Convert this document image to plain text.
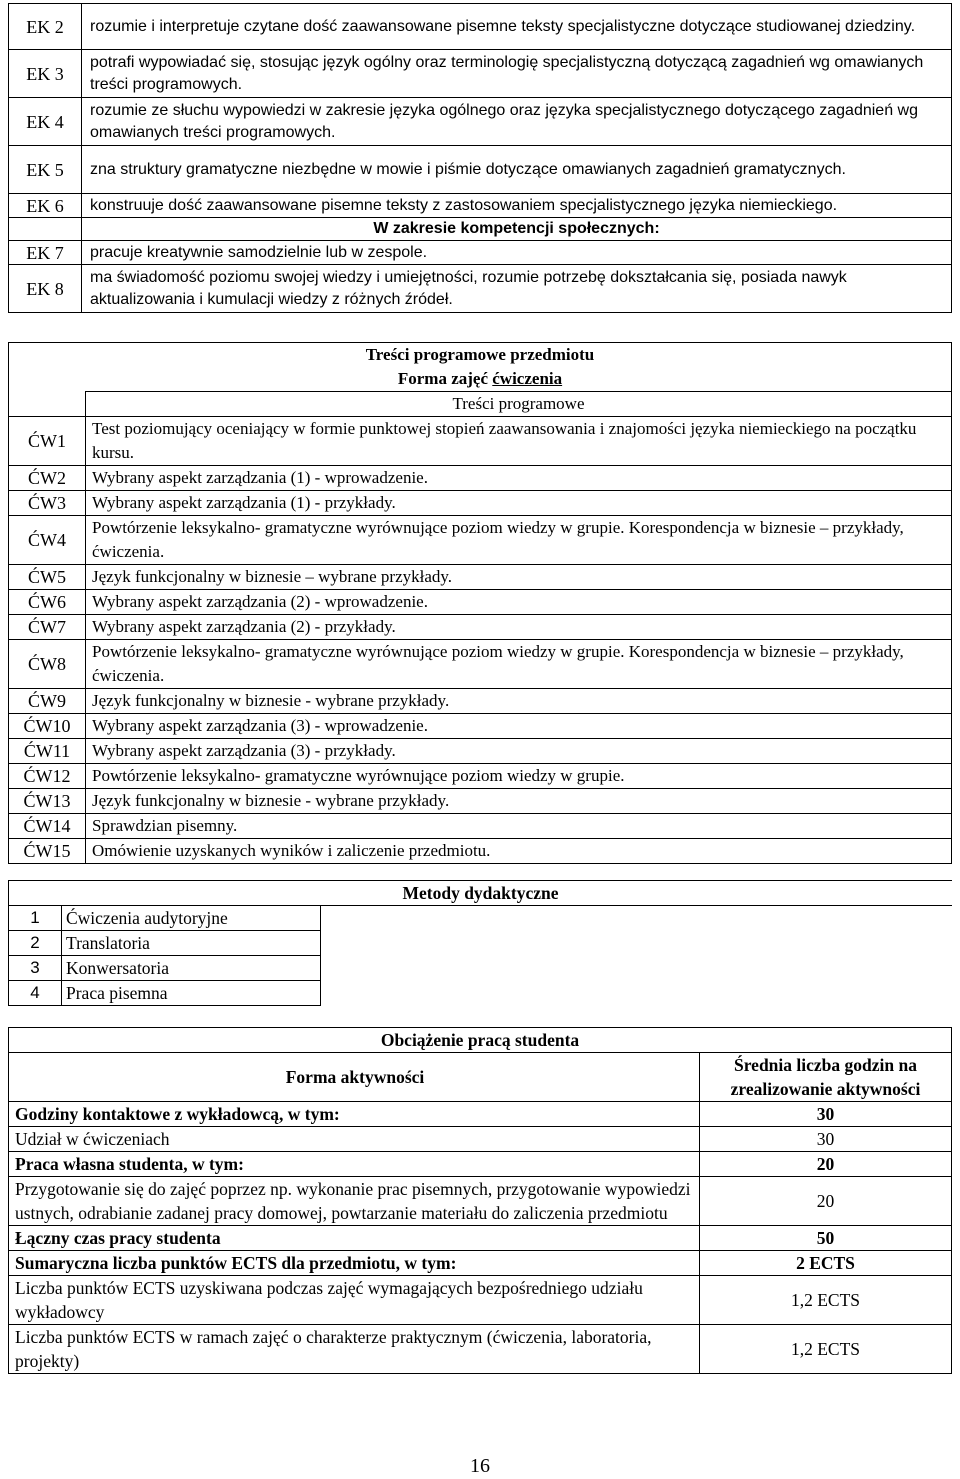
EK 2	rozumie i interpretuje czytane dość zaawansowane pisemne teksty specjalistyczne dotyczące studiowanej dziedziny.
EK 3	potrafi wypowiadać się, stosując język ogólny oraz terminologię specjalistyczną dotyczącą zagadnień wg omawianych treści programowych.
EK 4	rozumie ze słuchu wypowiedzi w zakresie języka ogólnego oraz języka specjalistycznego dotyczącego zagadnień wg omawianych treści programowych.
EK 5	zna struktury gramatyczne niezbędne w mowie i piśmie dotyczące omawianych zagadnień gramatycznych.
EK 6	konstruuje dość zaawansowane pisemne teksty z zastosowaniem specjalistycznego języka niemieckiego.
	W zakresie kompetencji społecznych:
EK 7	pracuje kreatywnie samodzielnie lub w zespole.
EK 8	ma świadomość poziomu swojej wiedzy i umiejętności, rozumie potrzebę dokształcania się, posiada nawyk aktualizowania i kumulacji wiedzy z różnych źródeł.
Treści programowe przedmiotu	
Forma zajęć ćwiczenia	
	Treści programowe
ĆW1	Test poziomujący oceniający w formie punktowej stopień zaawansowania i znajomości języka niemieckiego na początku kursu.
ĆW2	Wybrany aspekt zarządzania (1) - wprowadzenie.
ĆW3	Wybrany aspekt zarządzania (1) - przykłady.
ĆW4	Powtórzenie leksykalno- gramatyczne wyrównujące poziom wiedzy w grupie. Korespondencja w biznesie – przykłady, ćwiczenia.
ĆW5	Język funkcjonalny w biznesie – wybrane przykłady.
ĆW6	Wybrany aspekt zarządzania (2) - wprowadzenie.
ĆW7	Wybrany aspekt zarządzania (2) - przykłady.
ĆW8	Powtórzenie leksykalno- gramatyczne wyrównujące poziom wiedzy w grupie. Korespondencja w biznesie – przykłady, ćwiczenia.
ĆW9	Język funkcjonalny w biznesie - wybrane przykłady.
ĆW10	Wybrany aspekt zarządzania (3) - wprowadzenie.
ĆW11	Wybrany aspekt zarządzania (3) - przykłady.
ĆW12	Powtórzenie leksykalno- gramatyczne wyrównujące poziom wiedzy w grupie.
ĆW13	Język funkcjonalny w biznesie - wybrane przykłady.
ĆW14	Sprawdzian pisemny.
ĆW15	Omówienie uzyskanych wyników i zaliczenie przedmiotu.
Metody dydaktyczne		
1	Ćwiczenia audytoryjne	
2	Translatoria	
3	Konwersatoria	
4	Praca pisemna	
Obciążenie pracą studenta	
Forma aktywności	Średnia liczba godzin na zrealizowanie aktywności
Godziny kontaktowe z wykładowcą, w tym:	30
Udział w ćwiczeniach	30
Praca własna studenta, w tym:	20
Przygotowanie się do zajęć poprzez np. wykonanie prac pisemnych, przygotowanie wypowiedzi ustnych, odrabianie zadanej pracy domowej, powtarzanie materiału do zaliczenia przedmiotu	20
Łączny czas pracy studenta	50
Sumaryczna liczba punktów ECTS dla przedmiotu, w tym:	2 ECTS
Liczba punktów ECTS uzyskiwana podczas zajęć wymagających bezpośredniego udziału wykładowcy	1,2 ECTS
Liczba punktów ECTS w ramach zajęć o charakterze praktycznym (ćwiczenia, laboratoria, projekty)	1,2 ECTS
16
